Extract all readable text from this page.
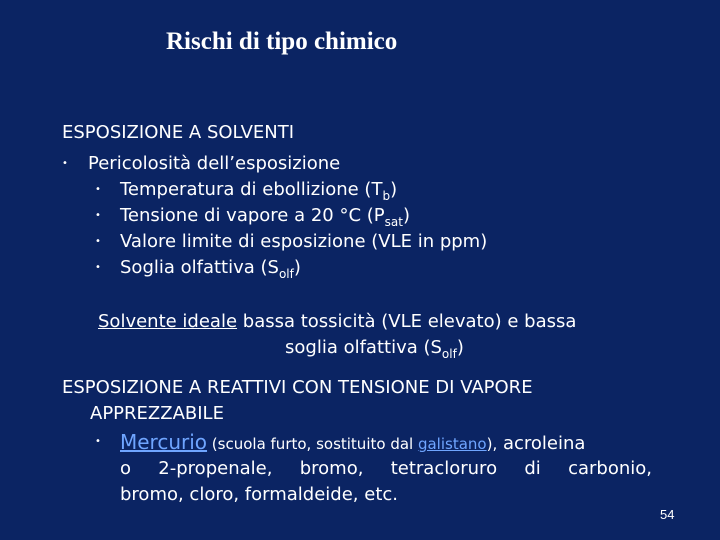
Rischi di tipo chimico
ESPOSIZIONE A SOLVENTI
• Pericolosità dell’esposizione
• Temperatura di ebollizione $(T_b)$
• Tensione di vapore a 20 °C $(P_{sat})$
• Valore limite di esposizione (VLE in ppm)
• Soglia olfattiva $(S_{olf})$
Solvente ideale bassa tossicità (VLE elevato) e bassa
soglia olfattiva $(S_{olf})$
ESPOSIZIONE A REATTIVI CON TENSIONE DI VAPORE
APPREZZABILE
• Mercurio (scuola furto, sostituito dal galistano), acroleina
o 2-propenale, bromo, tetracloruro di carbonio,
bromo, cloro, formaldeide, etc.
54
